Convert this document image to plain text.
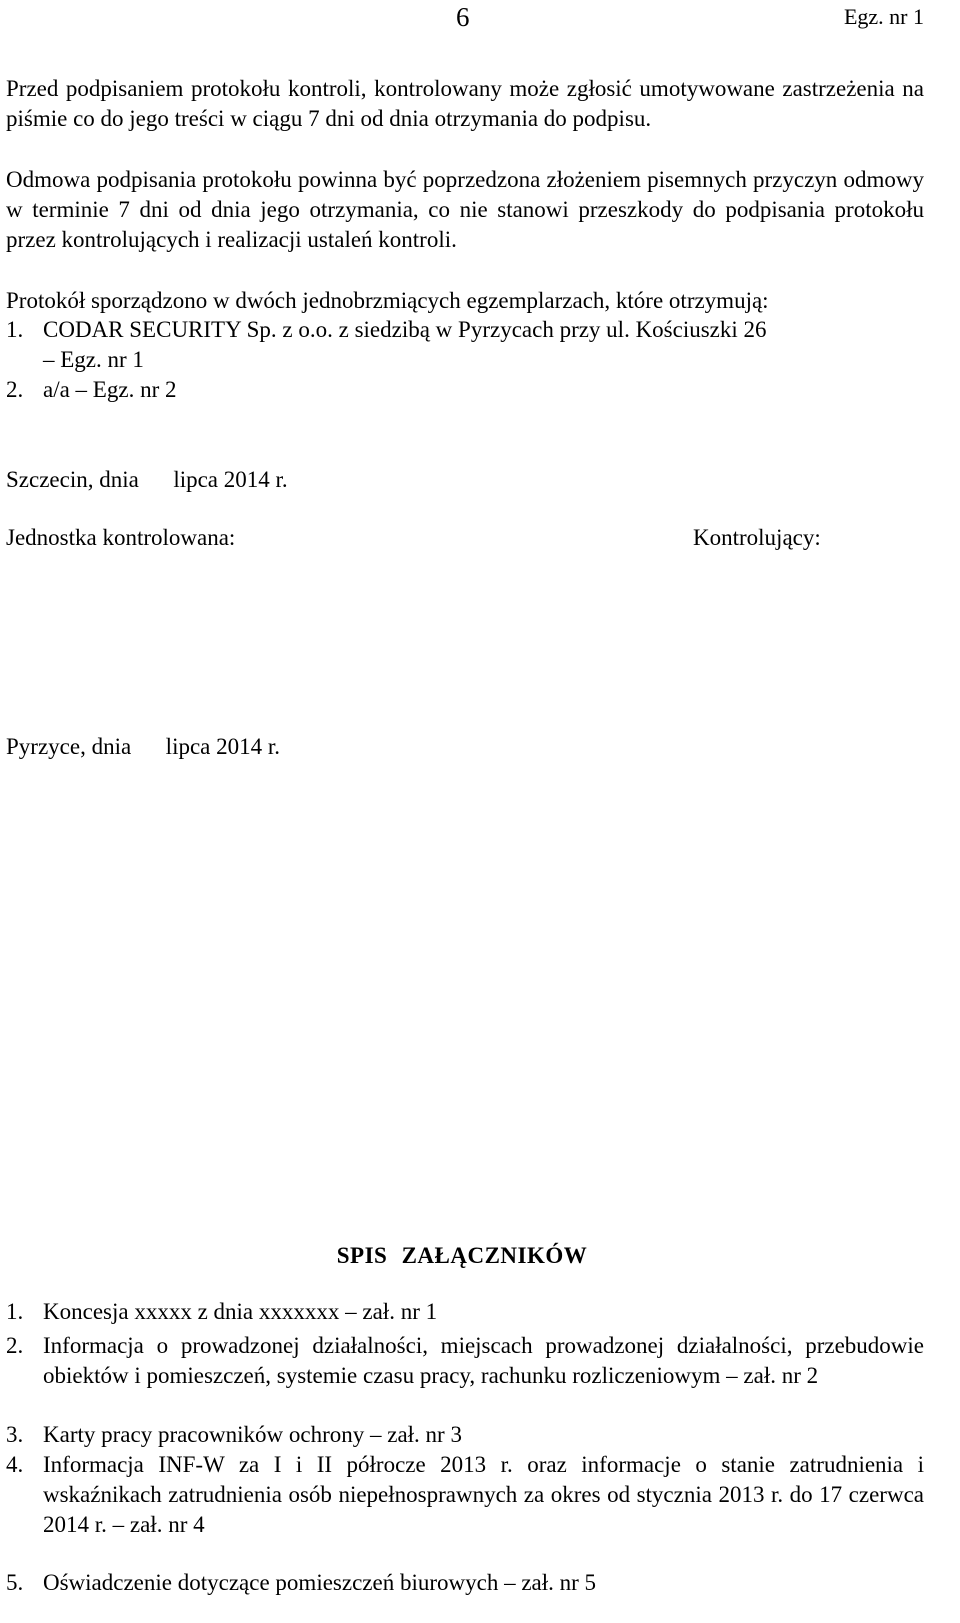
6	Egz. nr 1
Przed podpisaniem protokołu kontroli, kontrolowany może zgłosić umotywowane zastrzeżenia na piśmie co do jego treści w ciągu 7 dni od dnia otrzymania do podpisu.
Odmowa podpisania protokołu powinna być poprzedzona złożeniem pisemnych przyczyn odmowy w terminie 7 dni od dnia jego otrzymania, co nie stanowi przeszkody do podpisania protokołu przez kontrolujących i realizacji ustaleń kontroli.
Protokół sporządzono w dwóch jednobrzmiących egzemplarzach, które otrzymują:
1. CODAR SECURITY Sp. z o.o. z siedzibą w Pyrzycach przy ul. Kościuszki 26
– Egz. nr 1
2. a/a – Egz. nr 2
Szczecin, dnia      lipca 2014 r.
Jednostka kontrolowana:	Kontrolujący:
Pyrzyce, dnia      lipca 2014 r.
SPIS ZAŁĄCZNIKÓW
1. Koncesja xxxxx z dnia xxxxxxx – zał. nr 1
2. Informacja o prowadzonej działalności, miejscach prowadzonej działalności, przebudowie obiektów i pomieszczeń, systemie czasu pracy, rachunku rozliczeniowym – zał. nr 2
3. Karty pracy pracowników ochrony – zał. nr 3
4. Informacja INF-W za I i II półrocze 2013 r. oraz informacje o stanie zatrudnienia i wskaźnikach zatrudnienia osób niepełnosprawnych za okres od stycznia 2013 r. do 17 czerwca 2014 r. – zał. nr 4
5. Oświadczenie dotyczące pomieszczeń biurowych – zał. nr 5
